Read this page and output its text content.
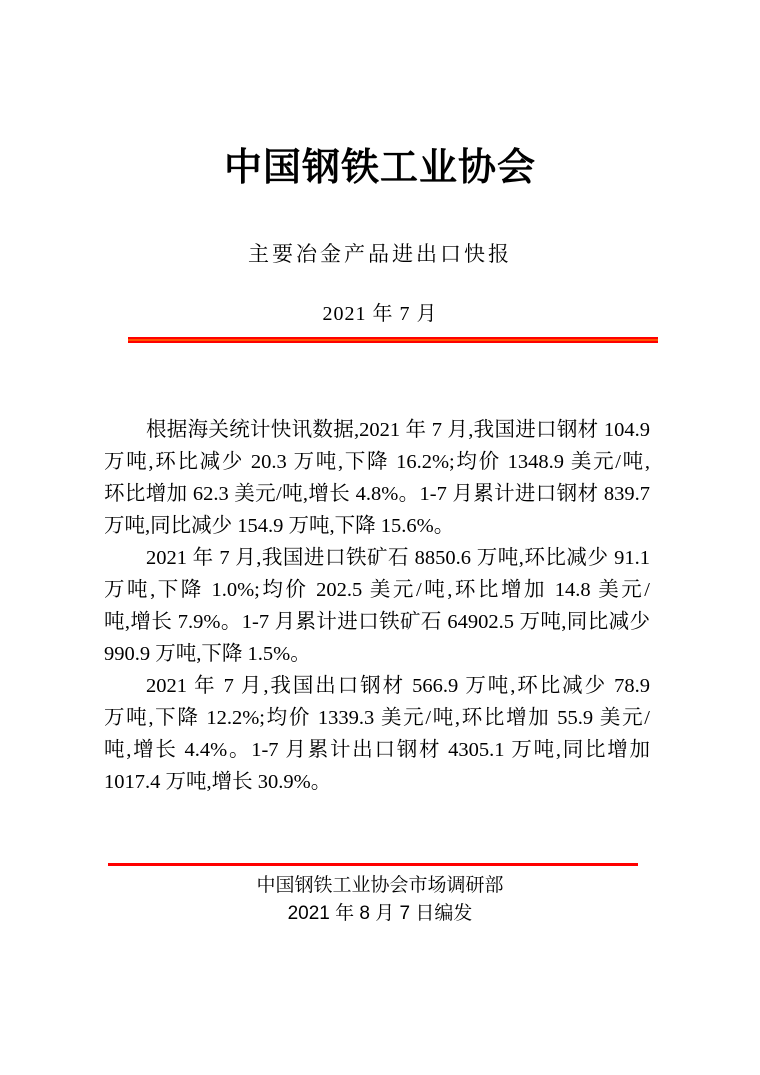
中国钢铁工业协会
主要冶金产品进出口快报
2021 年 7 月
根据海关统计快讯数据,2021 年 7 月,我国进口钢材 104.9
万吨,环比减少 20.3 万吨,下降 16.2%;均价 1348.9 美元/吨,
环比增加 62.3 美元/吨,增长 4.8%。1-7 月累计进口钢材 839.7
万吨,同比减少 154.9 万吨,下降 15.6%。
2021 年 7 月,我国进口铁矿石 8850.6 万吨,环比减少 91.1
万吨,下降 1.0%;均价 202.5 美元/吨,环比增加 14.8 美元/
吨,增长 7.9%。1-7 月累计进口铁矿石 64902.5 万吨,同比减少
990.9 万吨,下降 1.5%。
2021 年 7 月,我国出口钢材 566.9 万吨,环比减少 78.9
万吨,下降 12.2%;均价 1339.3 美元/吨,环比增加 55.9 美元/
吨,增长 4.4%。1-7 月累计出口钢材 4305.1 万吨,同比增加
1017.4 万吨,增长 30.9%。
中国钢铁工业协会市场调研部
2021 年 8 月 7 日编发
